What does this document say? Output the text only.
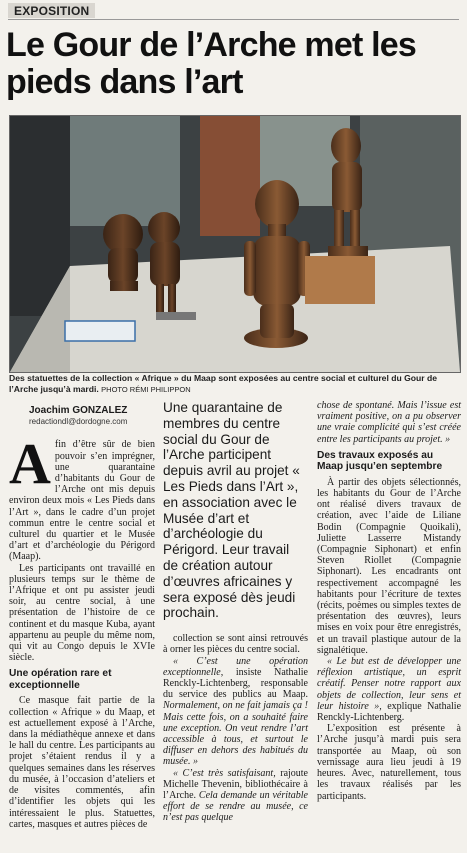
EXPOSITION
Le Gour de l’Arche met les pieds dans l’art
Des statuettes de la collection « Afrique » du Maap sont exposées au centre social et culturel du Gour de l’Arche jusqu’à mardi. PHOTO RÉMI PHILIPPON
Joachim GONZALEZ
redactiondl@dordogne.com

Afin d’être sûr de bien pouvoir s’en imprégner, une quarantaine d’habitants du Gour de l’Arche ont mis depuis environ deux mois « Les Pieds dans l’Art », dans le cadre d’un projet commun entre le centre social et culturel du quartier et le Musée d’art et d’archéologie du Périgord (Maap).

Les participants ont travaillé en plusieurs temps sur le thème de l’Afrique et ont pu assister jeudi soir, au centre social, à une présentation de l’histoire de ce continent et du masque Kuba, ayant appartenu au peuple du même nom, qui vit au Congo depuis le XVIe siècle.

Une opération rare et exceptionnelle

Ce masque fait partie de la collection « Afrique » du Maap, et est actuellement exposé à l’Arche, dans la médiathèque annexe et dans le hall du centre. Les participants au projet s’étaient rendus il y a quelques semaines dans les réserves du musée, à l’occasion d’ateliers et de visites commentés, afin d’identifier les objets qui les intéressaient le plus. Statuettes, cartes, masques et autres pièces de

Une quarantaine de membres du centre social du Gour de l’Arche participent depuis avril au projet « Les Pieds dans l’Art », en association avec le Musée d’art et d’archéologie du Périgord. Leur travail de création autour d’œuvres africaines y sera exposé dès jeudi prochain.

collection se sont ainsi retrouvés à orner les pièces du centre social.

« C’est une opération exceptionnelle, insiste Nathalie Renckly-Lichtenberg, responsable du service des publics au Maap. Normalement, on ne fait jamais ça ! Mais cette fois, on a souhaité faire une exception. On veut rendre l’art accessible à tous, et surtout le diffuser en dehors des habitués du musée. »

« C’est très satisfaisant, rajoute Michelle Thevenin, bibliothécaire à l’Arche. Cela demande un véritable effort de se rendre au musée, ce n’est pas quelque

chose de spontané. Mais l’issue est vraiment positive, on a pu observer une vraie complicité qui s’est créée entre les participants au projet. »

Des travaux exposés au Maap jusqu’en septembre

À partir des objets sélectionnés, les habitants du Gour de l’Arche ont réalisé divers travaux de création, avec l’aide de Liliane Bodin (Compagnie Quoikali), Juliette Lasserre Mistandy (Compagnie Siphonart) et enfin Steven Riollet (Compagnie Siphonart). Les encadrants ont respectivement accompagné les habitants pour l’écriture de textes (récits, poèmes ou simples textes de présentation des œuvres), leurs mises en voix pour être enregistrés, et un travail plastique autour de la signalétique.

« Le but est de développer une réflexion artistique, un esprit créatif. Penser notre rapport aux objets de collection, leur sens et leur histoire », explique Nathalie Renckly-Lichtenberg.

L’exposition est présente à l’Arche jusqu’à mardi puis sera transportée au Maap, où son vernissage aura lieu jeudi à 19 heures. Avec, naturellement, tous les travaux réalisés par les participants.
